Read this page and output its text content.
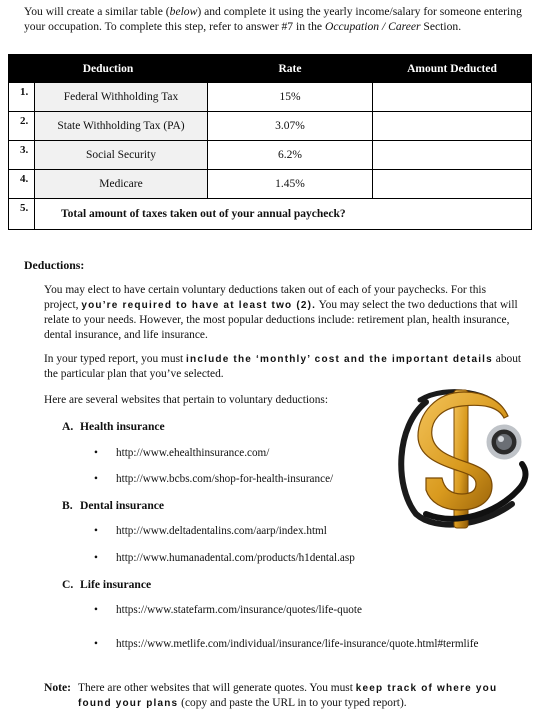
You will create a similar table (below) and complete it using the yearly income/salary for someone entering your occupation. To complete this step, refer to answer #7 in the Occupation / Career Section.
Deduction		Rate	Amount Deducted
1.	Federal Withholding Tax	15%	
2.	State Withholding Tax (PA)	3.07%	
3.	Social Security	6.2%	
4.	Medicare	1.45%	
5.	Total amount of taxes taken out of your annual paycheck?		
Deductions:
You may elect to have certain voluntary deductions taken out of each of your paychecks. For this project, you’re required to have at least two (2). You may select the two deductions that will relate to your needs. However, the most popular deductions include: retirement plan, health insurance, dental insurance, and life insurance.
In your typed report, you must include the ‘monthly’ cost and the important details about the particular plan that you’ve selected.
Here are several websites that pertain to voluntary deductions:
A. Health insurance
• http://www.ehealthinsurance.com/
• http://www.bcbs.com/shop-for-health-insurance/
B. Dental insurance
• http://www.deltadentalins.com/aarp/index.html
• http://www.humanadental.com/products/h1dental.asp
C. Life insurance
• https://www.statefarm.com/insurance/quotes/life-quote
• https://www.metlife.com/individual/insurance/life-insurance/quote.html#termlife
Note: There are other websites that will generate quotes. You must keep track of where you found your plans (copy and paste the URL in to your typed report).
